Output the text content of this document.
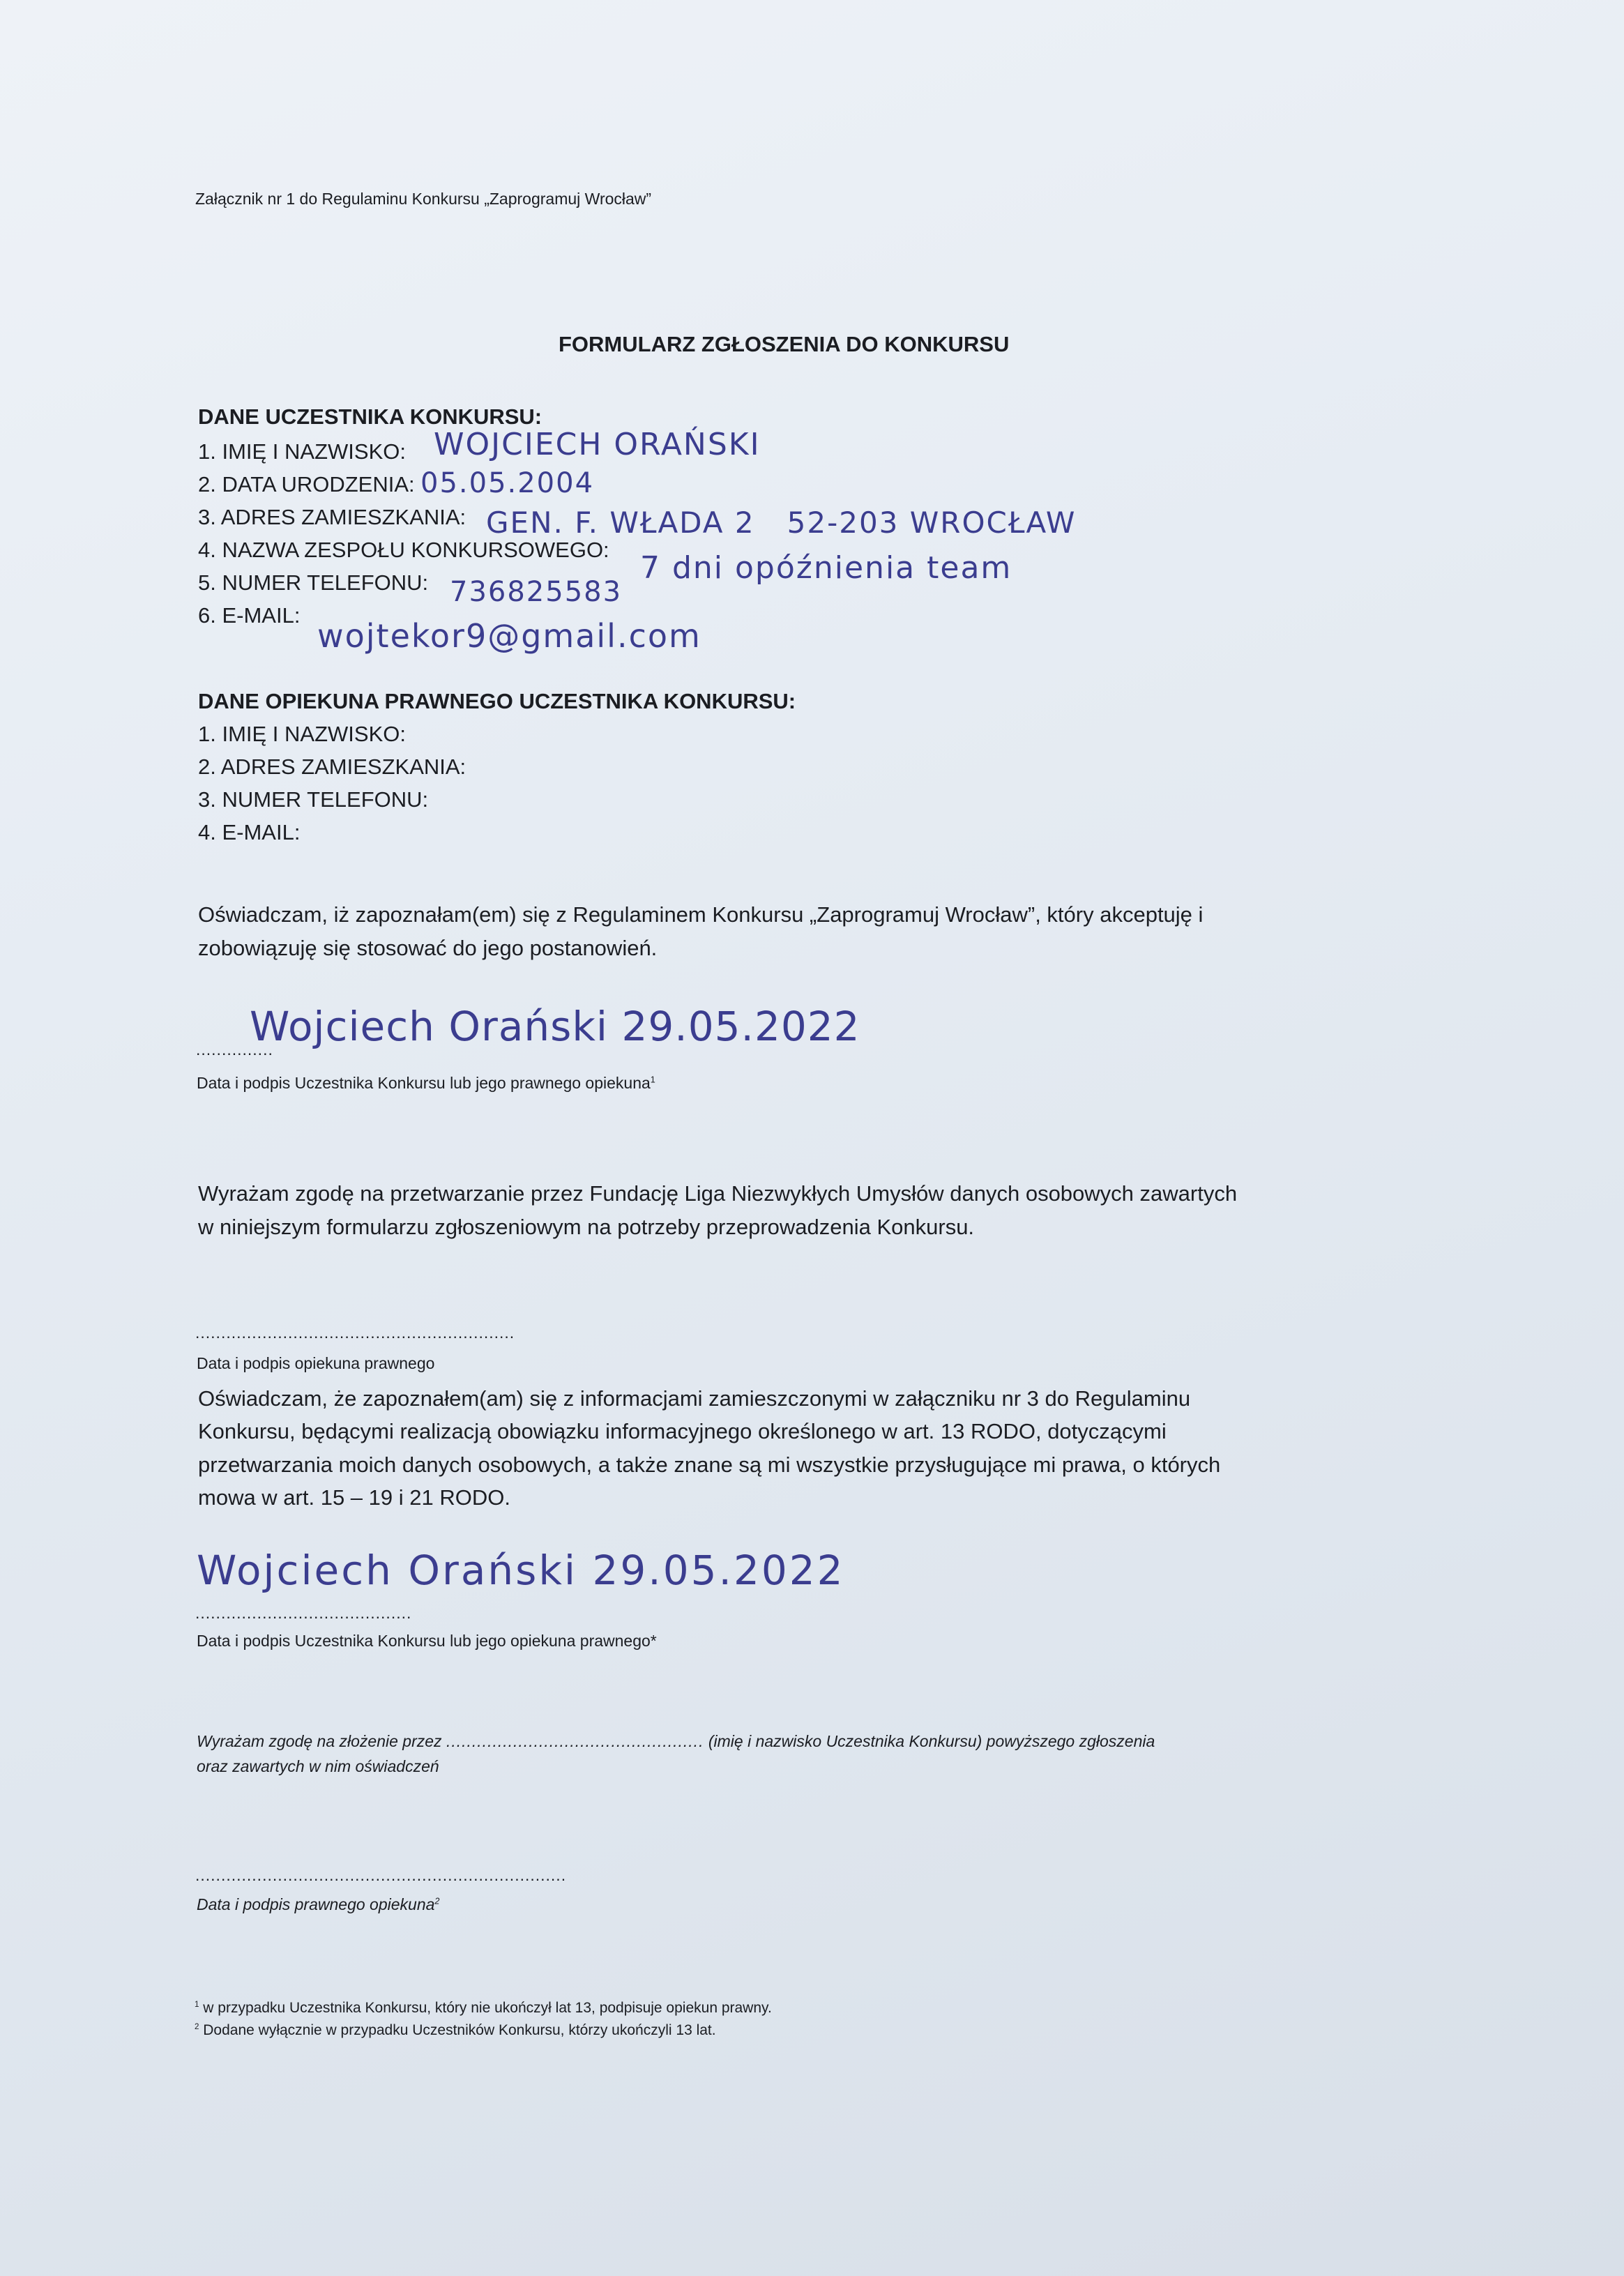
Załącznik nr 1 do Regulaminu Konkursu „Zaprogramuj Wrocław”
FORMULARZ ZGŁOSZENIA DO KONKURSU
DANE UCZESTNIKA KONKURSU:
1. IMIĘ I NAZWISKO: WOJCIECH ORAŃSKI
2. DATA URODZENIA: 05.05.2004
3. ADRES ZAMIESZKANIA: GEN. F. WŁADA 2   52-203 WROCŁAW
4. NAZWA ZESPOŁU KONKURSOWEGO:
7 dni opóźnienia team
5. NUMER TELEFONU: 736825583
6. E-MAIL:
wojtekor9@gmail.com
DANE OPIEKUNA PRAWNEGO UCZESTNIKA KONKURSU:
1. IMIĘ I NAZWISKO:
2. ADRES ZAMIESZKANIA:
3. NUMER TELEFONU:
4. E-MAIL:
Oświadczam, iż zapoznałam(em) się z Regulaminem Konkursu „Zaprogramuj Wrocław”, który akceptuję i
zobowiązuję się stosować do jego postanowień.
...............
Wojciech Orański 29.05.2022
Data i podpis Uczestnika Konkursu lub jego prawnego opiekuna$^1$
Wyrażam zgodę na przetwarzanie przez Fundację Liga Niezwykłych Umysłów danych osobowych zawartych
w niniejszym formularzu zgłoszeniowym na potrzeby przeprowadzenia Konkursu.
..............................................................
Data i podpis opiekuna prawnego
Oświadczam, że zapoznałem(am) się z informacjami zamieszczonymi w załączniku nr 3 do Regulaminu
Konkursu, będącymi realizacją obowiązku informacyjnego określonego w art. 13 RODO, dotyczącymi
przetwarzania moich danych osobowych, a także znane są mi wszystkie przysługujące mi prawa, o których
mowa w art. 15 – 19 i 21 RODO.
..........................................
Wojciech Orański 29.05.2022
Data i podpis Uczestnika Konkursu lub jego opiekuna prawnego*
Wyrażam zgodę na złożenie przez .................................................. (imię i nazwisko Uczestnika Konkursu) powyższego zgłoszenia
oraz zawartych w nim oświadczeń
........................................................................
Data i podpis prawnego opiekuna$^2$
$^1$ w przypadku Uczestnika Konkursu, który nie ukończył lat 13, podpisuje opiekun prawny.
$^2$ Dodane wyłącznie w przypadku Uczestników Konkursu, którzy ukończyli 13 lat.
